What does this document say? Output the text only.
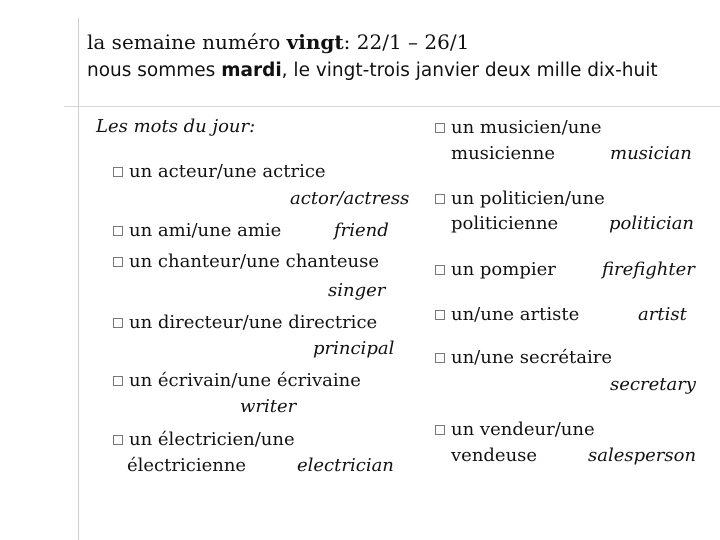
la semaine numéro vingt: 22/1 – 26/1
nous sommes mardi, le vingt-trois janvier deux mille dix-huit
Les mots du jour:
un acteur/une actrice
actor/actress
un ami/une amie	friend
un chanteur/une chanteuse
singer
un directeur/une directrice
principal
un écrivain/une écrivaine
writer
un électricien/une
électricienne	electrician
un musicien/une
musicienne	musician
un politicien/une
politicienne	politician
un pompier	firefighter
un/une artiste	artist
un/une secrétaire
secretary
un vendeur/une
vendeuse	salesperson
